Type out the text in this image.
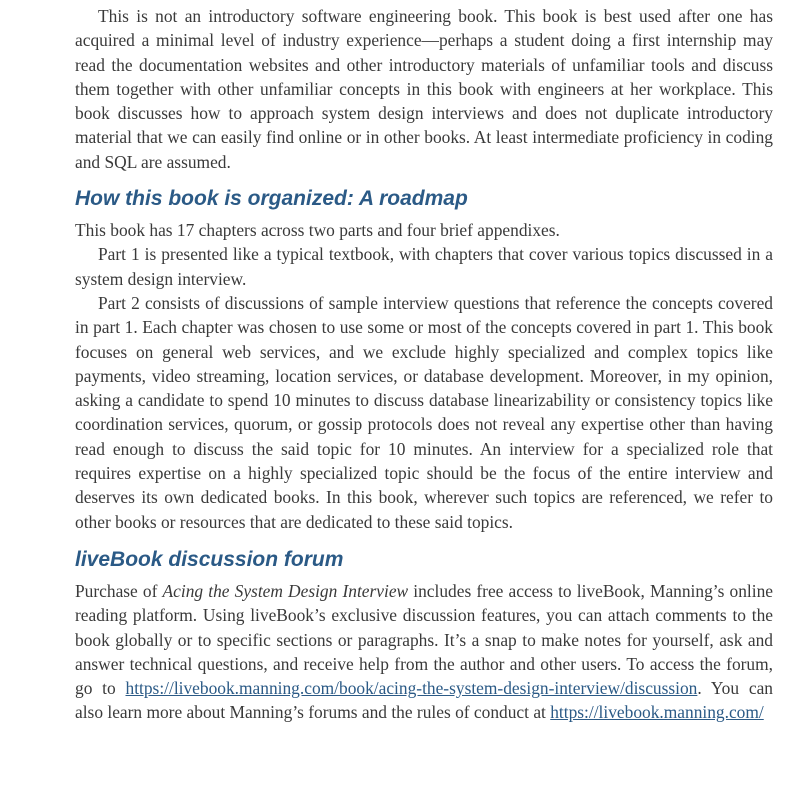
This is not an introductory software engineering book. This book is best used after one has acquired a minimal level of industry experience—perhaps a student doing a first internship may read the documentation websites and other introductory materials of unfamiliar tools and discuss them together with other unfamiliar concepts in this book with engineers at her workplace. This book discusses how to approach system design interviews and does not duplicate introductory material that we can easily find online or in other books. At least intermediate proficiency in coding and SQL are assumed.

How this book is organized: A roadmap

This book has 17 chapters across two parts and four brief appendixes.

Part 1 is presented like a typical textbook, with chapters that cover various topics discussed in a system design interview.

Part 2 consists of discussions of sample interview questions that reference the concepts covered in part 1. Each chapter was chosen to use some or most of the concepts covered in part 1. This book focuses on general web services, and we exclude highly specialized and complex topics like payments, video streaming, location services, or database development. Moreover, in my opinion, asking a candidate to spend 10 minutes to discuss database linearizability or consistency topics like coordination services, quorum, or gossip protocols does not reveal any expertise other than having read enough to discuss the said topic for 10 minutes. An interview for a specialized role that requires expertise on a highly specialized topic should be the focus of the entire interview and deserves its own dedicated books. In this book, wherever such topics are referenced, we refer to other books or resources that are dedicated to these said topics.

liveBook discussion forum

Purchase of Acing the System Design Interview includes free access to liveBook, Manning’s online reading platform. Using liveBook’s exclusive discussion features, you can attach comments to the book globally or to specific sections or paragraphs. It’s a snap to make notes for yourself, ask and answer technical questions, and receive help from the author and other users. To access the forum, go to https://livebook.manning.com/book/acing-the-system-design-interview/discussion. You can also learn more about Manning’s forums and the rules of conduct at https://livebook.manning.com/
